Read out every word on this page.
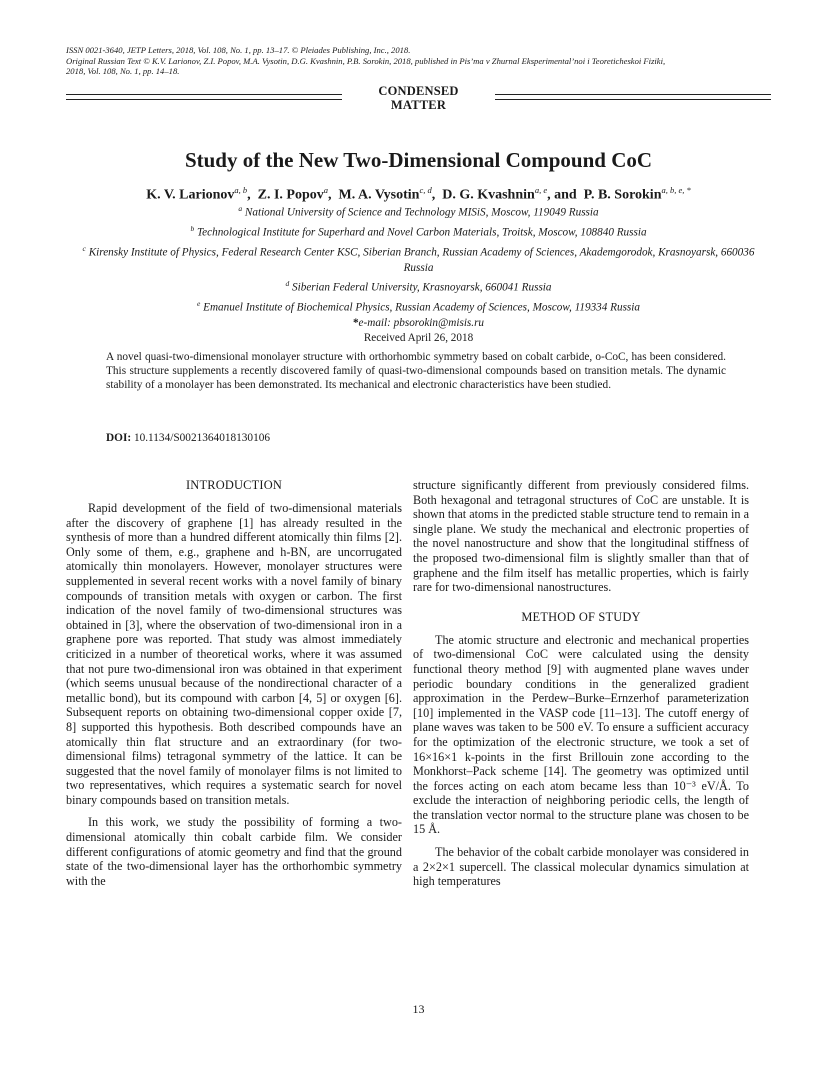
ISSN 0021-3640, JETP Letters, 2018, Vol. 108, No. 1, pp. 13–17. © Pleiades Publishing, Inc., 2018.
Original Russian Text © K.V. Larionov, Z.I. Popov, M.A. Vysotin, D.G. Kvashnin, P.B. Sorokin, 2018, published in Pis’ma v Zhurnal Eksperimental’noi i Teoreticheskoi Fiziki,
2018, Vol. 108, No. 1, pp. 14–18.
CONDENSED
MATTER
Study of the New Two-Dimensional Compound CoC
K. V. Larionov$^{a, b}$,  Z. I. Popov$^a$,  M. A. Vysotin$^{c, d}$,  D. G. Kvashnin$^{a, e}$, and  P. B. Sorokin$^{a, b, e, *}$
$^a$ National University of Science and Technology MISiS, Moscow, 119049 Russia
$^b$ Technological Institute for Superhard and Novel Carbon Materials, Troitsk, Moscow, 108840 Russia
$^c$ Kirensky Institute of Physics, Federal Research Center KSC, Siberian Branch, Russian Academy of Sciences, Akademgorodok, Krasnoyarsk, 660036 Russia
$^d$ Siberian Federal University, Krasnoyarsk, 660041 Russia
$^e$ Emanuel Institute of Biochemical Physics, Russian Academy of Sciences, Moscow, 119334 Russia
*e-mail: pbsorokin@misis.ru
Received April 26, 2018
A novel quasi-two-dimensional monolayer structure with orthorhombic symmetry based on cobalt carbide, o-CoC, has been considered. This structure supplements a recently discovered family of quasi-two-dimensional compounds based on transition metals. The dynamic stability of a monolayer has been demonstrated. Its mechanical and electronic characteristics have been studied.
DOI: 10.1134/S0021364018130106
INTRODUCTION

Rapid development of the field of two-dimensional materials after the discovery of graphene [1] has already resulted in the synthesis of more than a hundred different atomically thin films [2]. Only some of them, e.g., graphene and h-BN, are uncorrugated atomically thin monolayers. However, monolayer structures were supplemented in several recent works with a novel family of binary compounds of transition metals with oxygen or carbon. The first indication of the novel family of two-dimensional structures was obtained in [3], where the observation of two-dimensional iron in a graphene pore was reported. That study was almost immediately criticized in a number of theoretical works, where it was assumed that not pure two-dimensional iron was obtained in that experiment (which seems unusual because of the nondirectional character of a metallic bond), but its compound with carbon [4, 5] or oxygen [6]. Subsequent reports on obtaining two-dimensional copper oxide [7, 8] supported this hypothesis. Both described compounds have an atomically thin flat structure and an extraordinary (for two-dimensional films) tetragonal symmetry of the lattice. It can be suggested that the novel family of monolayer films is not limited to two representatives, which requires a systematic search for novel binary compounds based on transition metals.

In this work, we study the possibility of forming a two-dimensional atomically thin cobalt carbide film. We consider different configurations of atomic geometry and find that the ground state of the two-dimensional layer has the orthorhombic symmetry with the

structure significantly different from previously considered films. Both hexagonal and tetragonal structures of CoC are unstable. It is shown that atoms in the predicted stable structure tend to remain in a single plane. We study the mechanical and electronic properties of the novel nanostructure and show that the longitudinal stiffness of the proposed two-dimensional film is slightly smaller than that of graphene and the film itself has metallic properties, which is fairly rare for two-dimensional nanostructures.

METHOD OF STUDY

The atomic structure and electronic and mechanical properties of two-dimensional CoC were calculated using the density functional theory method [9] with augmented plane waves under periodic boundary conditions in the generalized gradient approximation in the Perdew–Burke–Ernzerhof parameterization [10] implemented in the VASP code [11–13]. The cutoff energy of plane waves was taken to be 500 eV. To ensure a sufficient accuracy for the optimization of the electronic structure, we took a set of 16×16×1 k-points in the first Brillouin zone according to the Monkhorst–Pack scheme [14]. The geometry was optimized until the forces acting on each atom became less than 10⁻³ eV/Å. To exclude the interaction of neighboring periodic cells, the length of the translation vector normal to the structure plane was chosen to be 15 Å.

The behavior of the cobalt carbide monolayer was considered in a 2×2×1 supercell. The classical molecular dynamics simulation at high temperatures

13
